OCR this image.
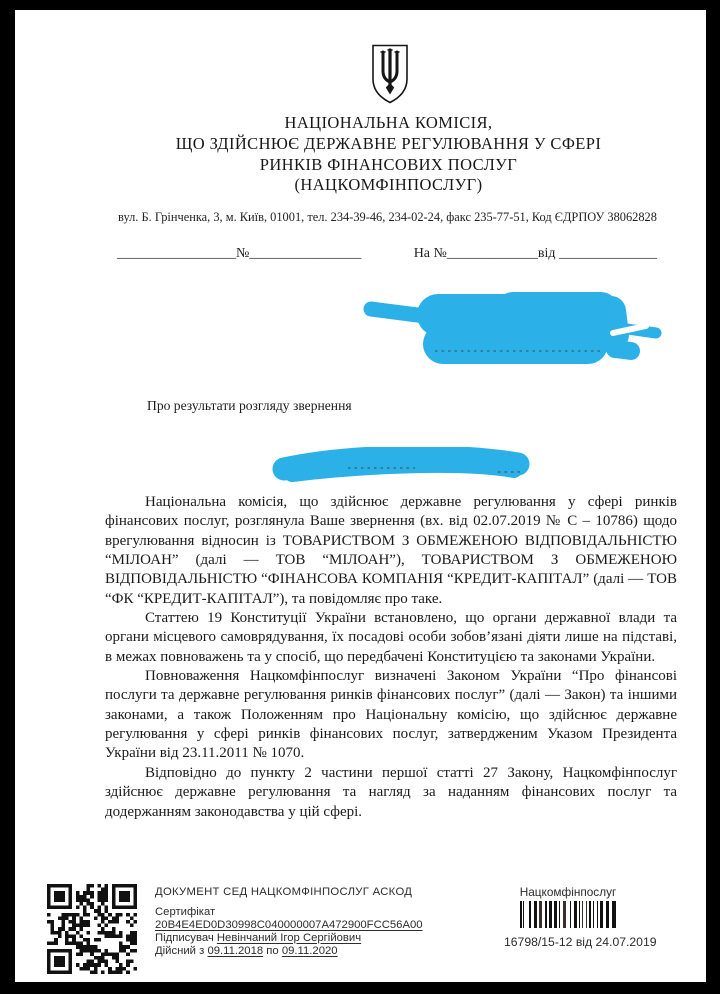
НАЦІОНАЛЬНА КОМІСІЯ,
ЩО ЗДІЙСНЮЄ ДЕРЖАВНЕ РЕГУЛЮВАННЯ У СФЕРІ
РИНКІВ ФІНАНСОВИХ ПОСЛУГ
(НАЦКОМФІНПОСЛУГ)
вул. Б. Грінченка, 3, м. Київ, 01001, тел. 234-39-46, 234-02-24, факс 235-77-51, Код ЄДРПОУ 38062828
_________________№________________	На №_____________від ______________
Про результати розгляду звернення

Національна комісія, що здійснює державне регулювання у сфері ринків фінансових послуг, розглянула Ваше звернення (вх. від 02.07.2019 № С – 10786) щодо врегулювання відносин із ТОВАРИСТВОМ З ОБМЕЖЕНОЮ ВІДПОВІДАЛЬНІСТЮ “МІЛОАН” (далі — ТОВ “МІЛОАН”), ТОВАРИСТВОМ З ОБМЕЖЕНОЮ ВІДПОВІДАЛЬНІСТЮ “ФІНАНСОВА КОМПАНІЯ “КРЕДИТ-КАПІТАЛ” (далі — ТОВ “ФК “КРЕДИТ-КАПІТАЛ”), та повідомляє про таке.

Статтею 19 Конституції України встановлено, що органи державної влади та органи місцевого самоврядування, їх посадові особи зобов’язані діяти лише на підставі, в межах повноважень та у спосіб, що передбачені Конституцією та законами України.

Повноваження Нацкомфінпослуг визначені Законом України “Про фінансові послуги та державне регулювання ринків фінансових послуг” (далі — Закон) та іншими законами, а також Положенням про Національну комісію, що здійснює державне регулювання у сфері ринків фінансових послуг, затвердженим Указом Президента України від 23.11.2011 № 1070.

Відповідно до пункту 2 частини першої статті 27 Закону, Нацкомфінпослуг здійснює державне регулювання та нагляд за наданням фінансових послуг та додержанням законодавства у цій сфері.

ДОКУМЕНТ СЕД НАЦКОМФІНПОСЛУГ АСКОД
Сертифікат 20B4E4ED0D30998C040000007A472900FCC56A00
Підписувач Невінчаний Ігор Сергійович
Дійсний з 09.11.2018 по 09.11.2020
Нацкомфінпослуг
16798/15-12 від 24.07.2019
